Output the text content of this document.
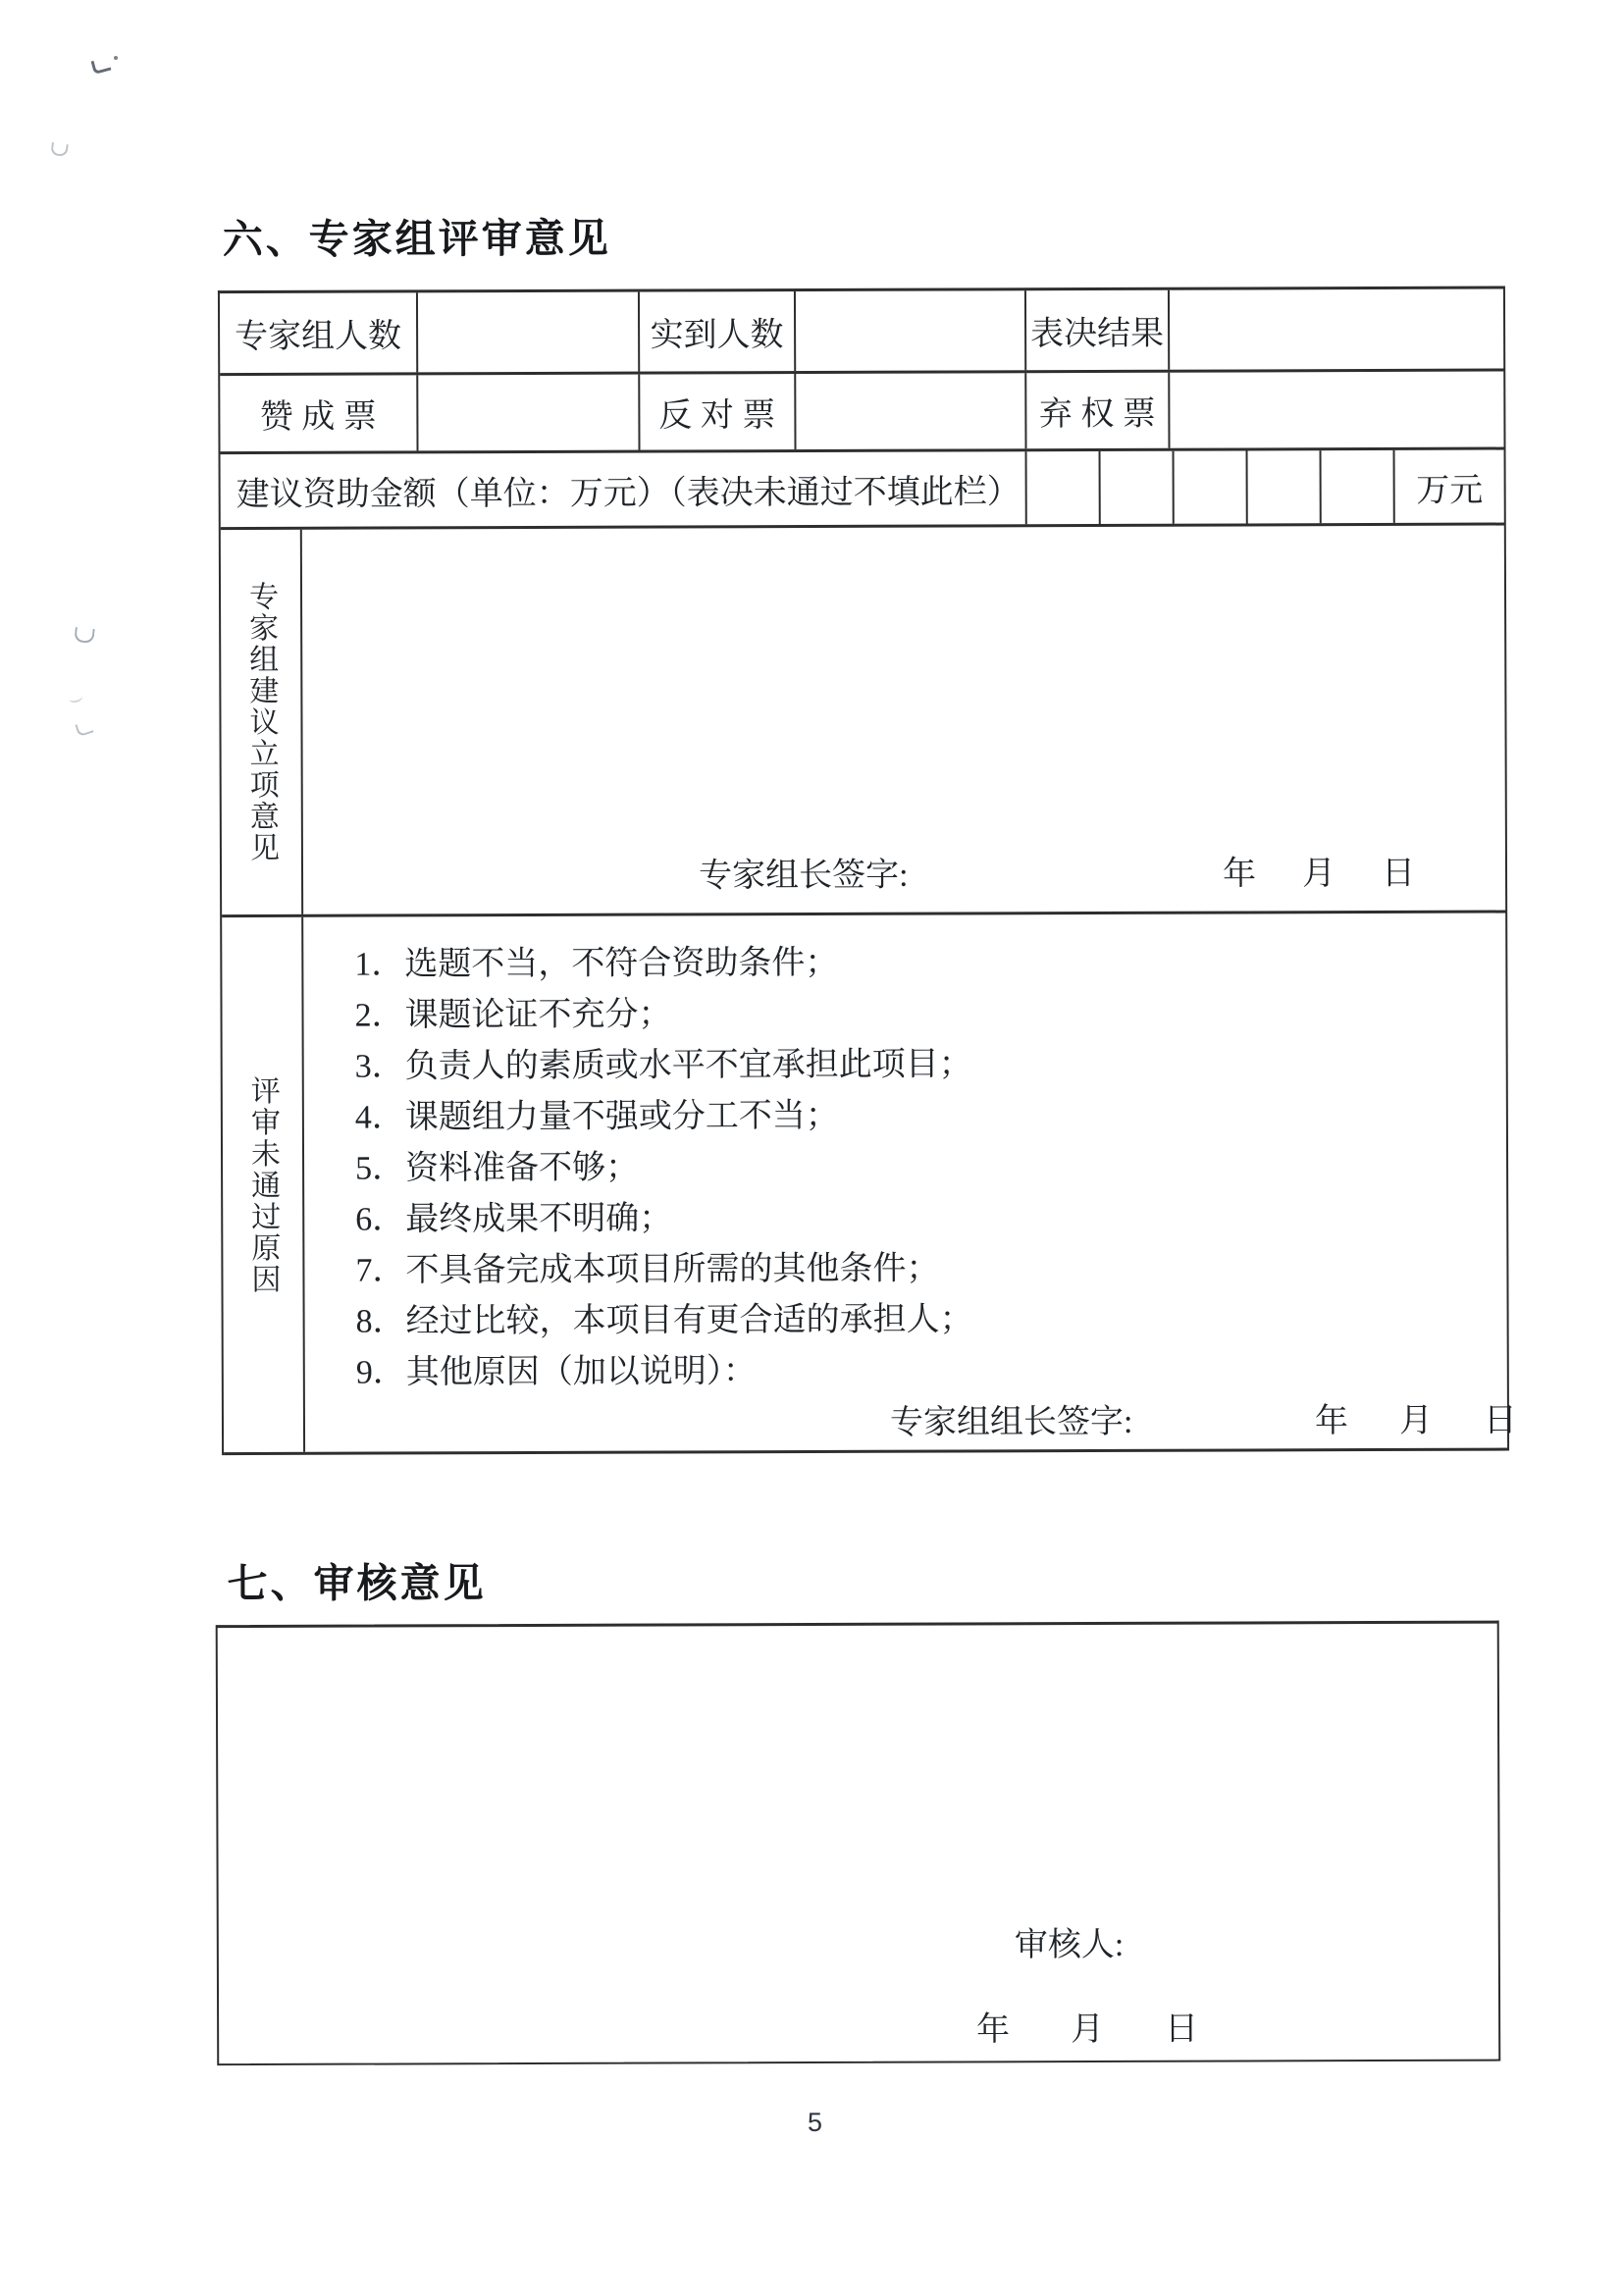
六、专家组评审意见
专家组人数	实到人数	表决结果
赞 成 票	反 对 票	弃 权 票
建议资助金额（单位：万元）（表决未通过不填此栏）	万元
专家组建议立项意见
专家组长签字:	年 月 日
评审未通过原因
1．选题不当，不符合资助条件；
2．课题论证不充分；
3．负责人的素质或水平不宜承担此项目；
4．课题组力量不强或分工不当；
5．资料准备不够；
6．最终成果不明确；
7．不具备完成本项目所需的其他条件；
8．经过比较，本项目有更合适的承担人；
9．其他原因（加以说明）：
专家组组长签字:	年 月 日
七、审核意见
审核人:
年 月 日
5
